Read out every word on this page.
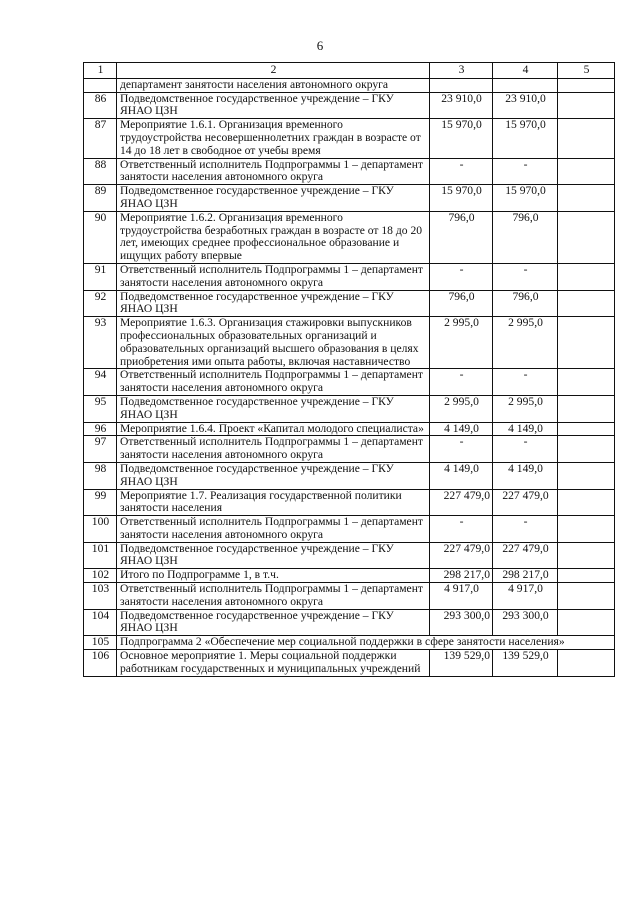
6
1	2	3	4	5
	департамент занятости населения автономного округа			
86	Подведомственное государственное учреждение – ГКУ ЯНАО ЦЗН	23 910,0	23 910,0	
87	Мероприятие 1.6.1. Организация временного трудоустройства несовершеннолетних граждан в возрасте от 14 до 18 лет в свободное от учебы время	15 970,0	15 970,0	
88	Ответственный исполнитель Подпрограммы 1 – департамент занятости населения автономного округа	-	-	
89	Подведомственное государственное учреждение – ГКУ ЯНАО ЦЗН	15 970,0	15 970,0	
90	Мероприятие 1.6.2. Организация временного трудоустройства безработных граждан в возрасте от 18 до 20 лет, имеющих среднее профессиональное образование и ищущих работу впервые	796,0	796,0	
91	Ответственный исполнитель Подпрограммы 1 – департамент занятости населения автономного округа	-	-	
92	Подведомственное государственное учреждение – ГКУ ЯНАО ЦЗН	796,0	796,0	
93	Мероприятие 1.6.3. Организация стажировки выпускников профессиональных образовательных организаций и образовательных организаций высшего образования в целях приобретения ими опыта работы, включая наставничество	2 995,0	2 995,0	
94	Ответственный исполнитель Подпрограммы 1 – департамент занятости населения автономного округа	-	-	
95	Подведомственное государственное учреждение – ГКУ ЯНАО ЦЗН	2 995,0	2 995,0	
96	Мероприятие 1.6.4. Проект «Капитал молодого специалиста»	4 149,0	4 149,0	
97	Ответственный исполнитель Подпрограммы 1 – департамент занятости населения автономного округа	-	-	
98	Подведомственное государственное учреждение – ГКУ ЯНАО ЦЗН	4 149,0	4 149,0	
99	Мероприятие 1.7. Реализация государственной политики занятости населения	227 479,0	227 479,0	
100	Ответственный исполнитель Подпрограммы 1 – департамент занятости населения автономного округа	-	-	
101	Подведомственное государственное учреждение – ГКУ ЯНАО ЦЗН	227 479,0	227 479,0	
102	Итого по Подпрограмме 1, в т.ч.	298 217,0	298 217,0	
103	Ответственный исполнитель Подпрограммы 1 – департамент занятости населения автономного округа	4 917,0	4 917,0	
104	Подведомственное государственное учреждение – ГКУ ЯНАО ЦЗН	293 300,0	293 300,0	
105	Подпрограмма 2 «Обеспечение мер социальной поддержки в сфере занятости населения»			
106	Основное мероприятие 1. Меры социальной поддержки работникам государственных и муниципальных учреждений	139 529,0	139 529,0	
